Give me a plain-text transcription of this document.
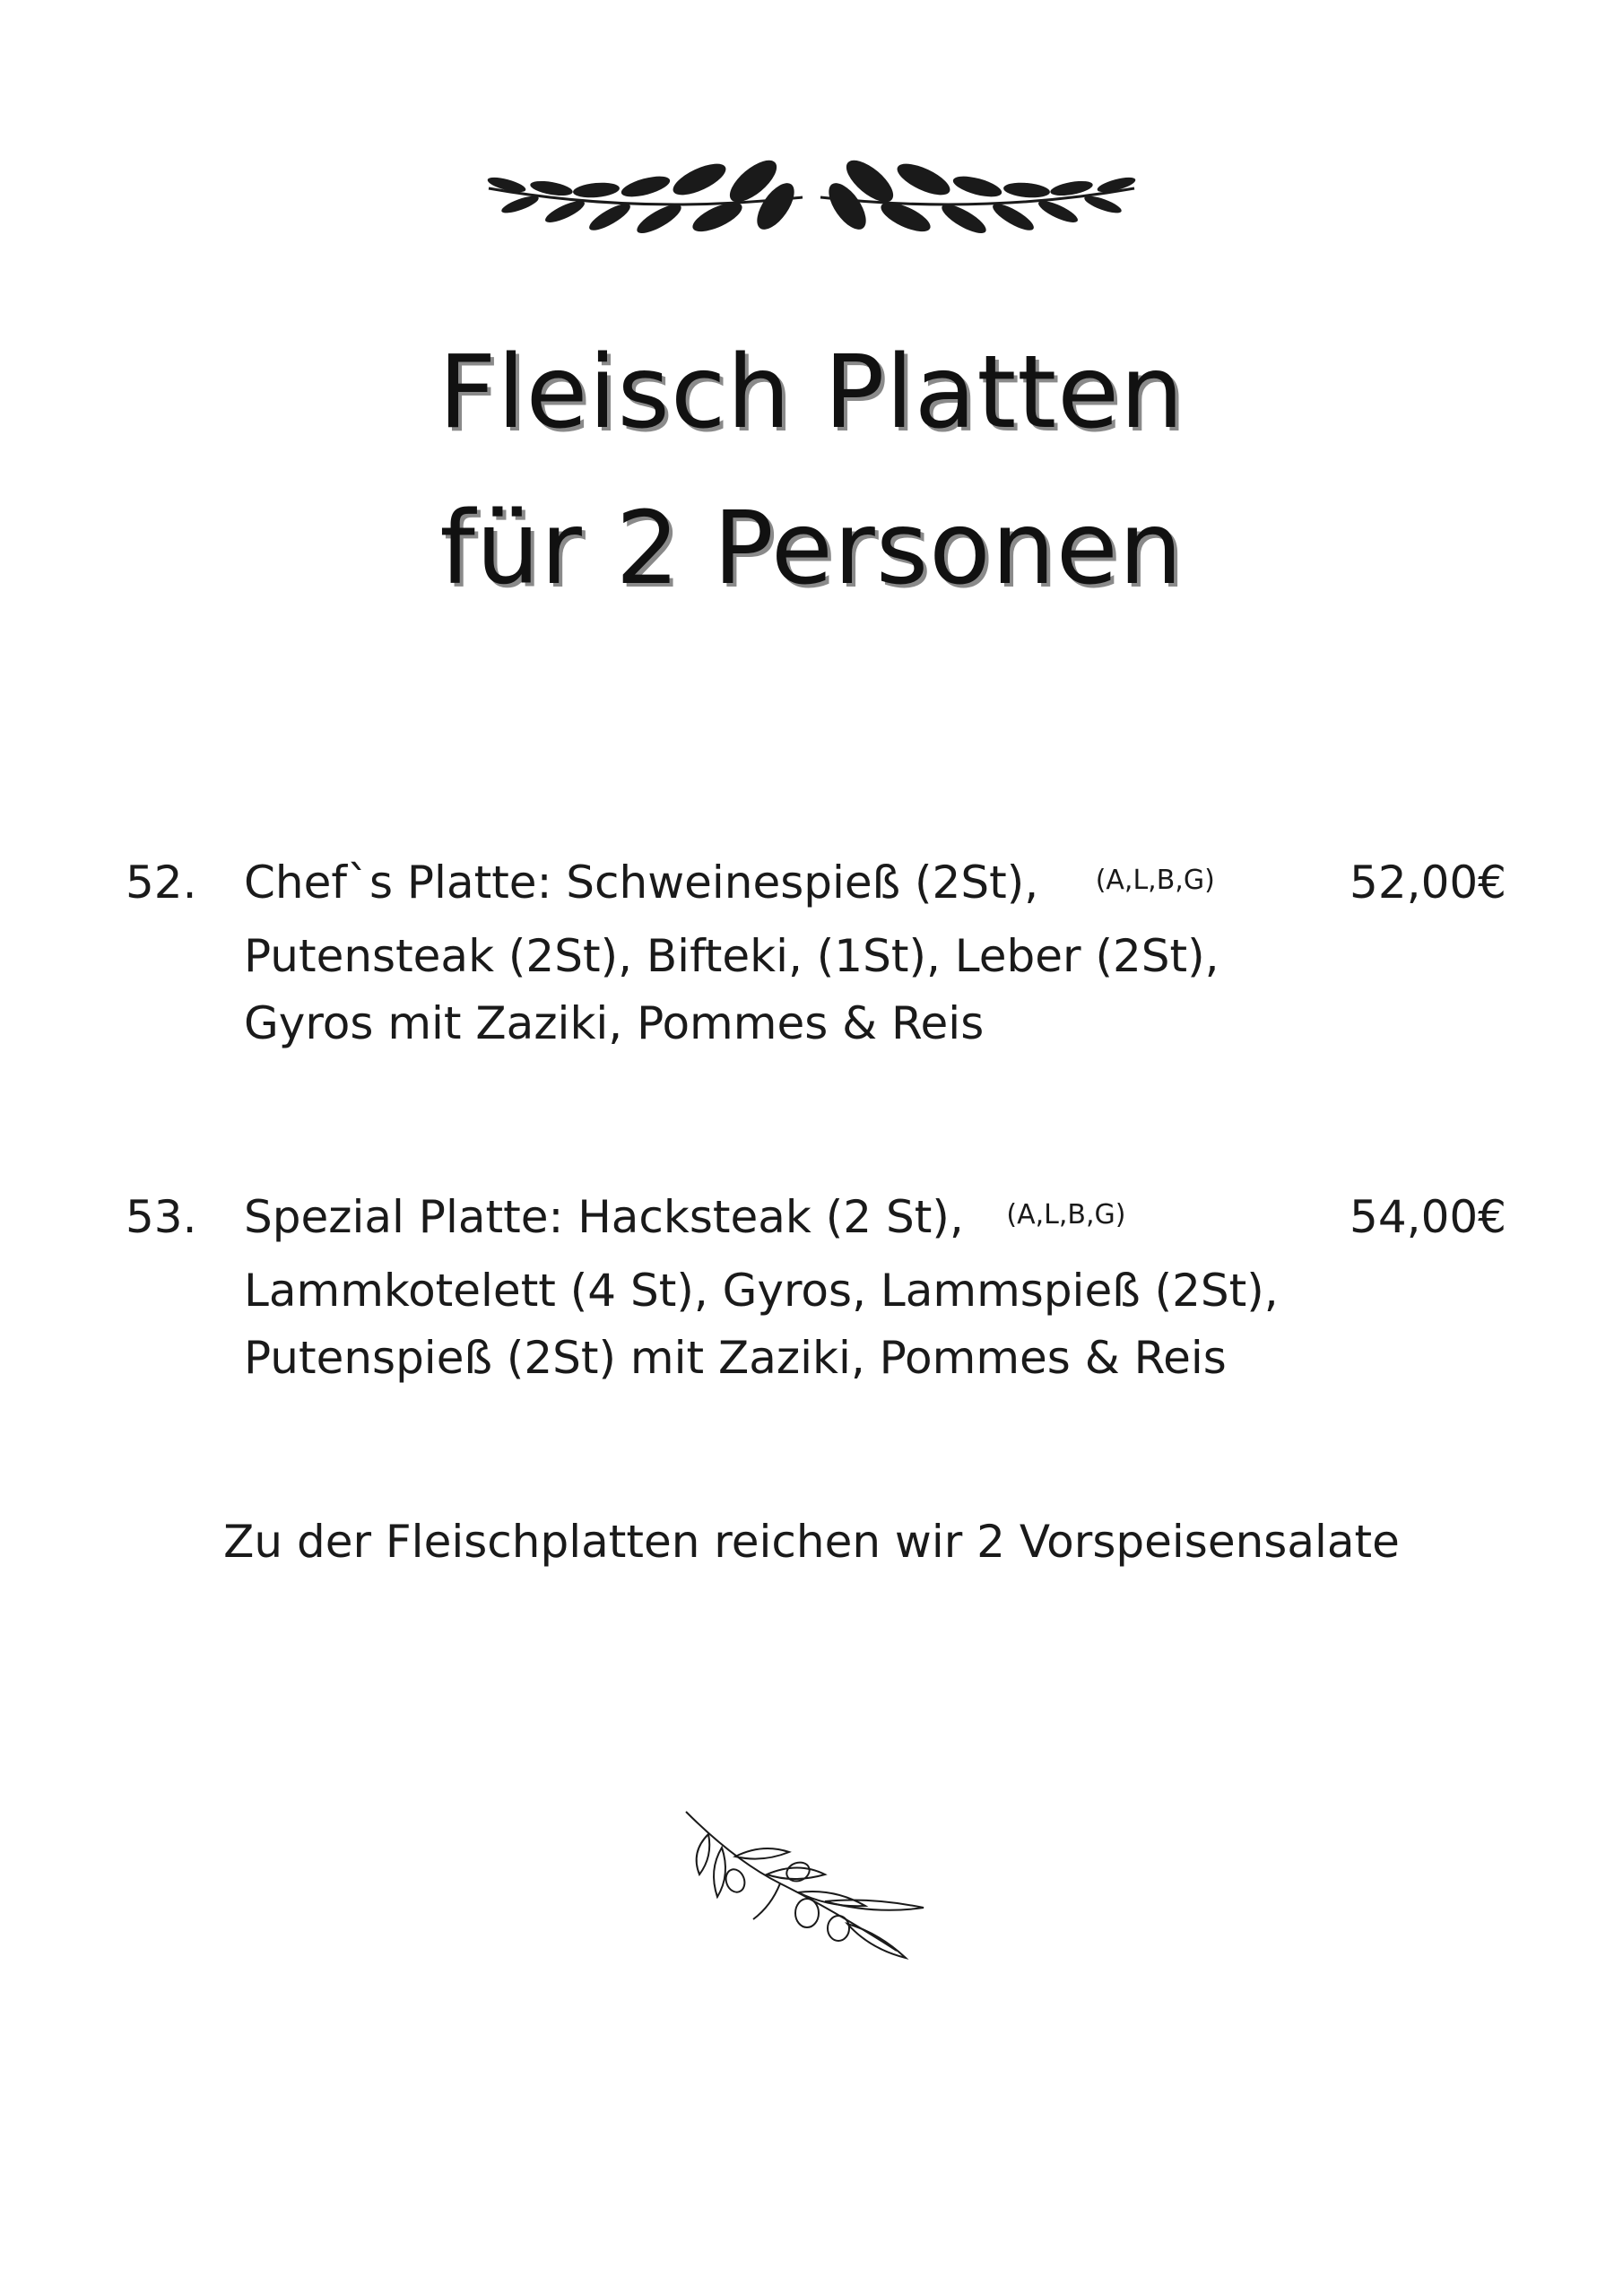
Fleisch Platten
für 2 Personen
52. Chef`s Platte: Schweinespieß (2St), $^{(A,L,B,G)}$
Putensteak (2St), Bifteki, (1St), Leber (2St),
Gyros mit Zaziki, Pommes & Reis
52,00€
53. Spezial Platte: Hacksteak (2 St), $^{(A,L,B,G)}$
Lammkotelett (4 St), Gyros, Lammspieß (2St),
Putenspieß (2St) mit Zaziki, Pommes & Reis
54,00€
Zu der Fleischplatten reichen wir 2 Vorspeisensalate
